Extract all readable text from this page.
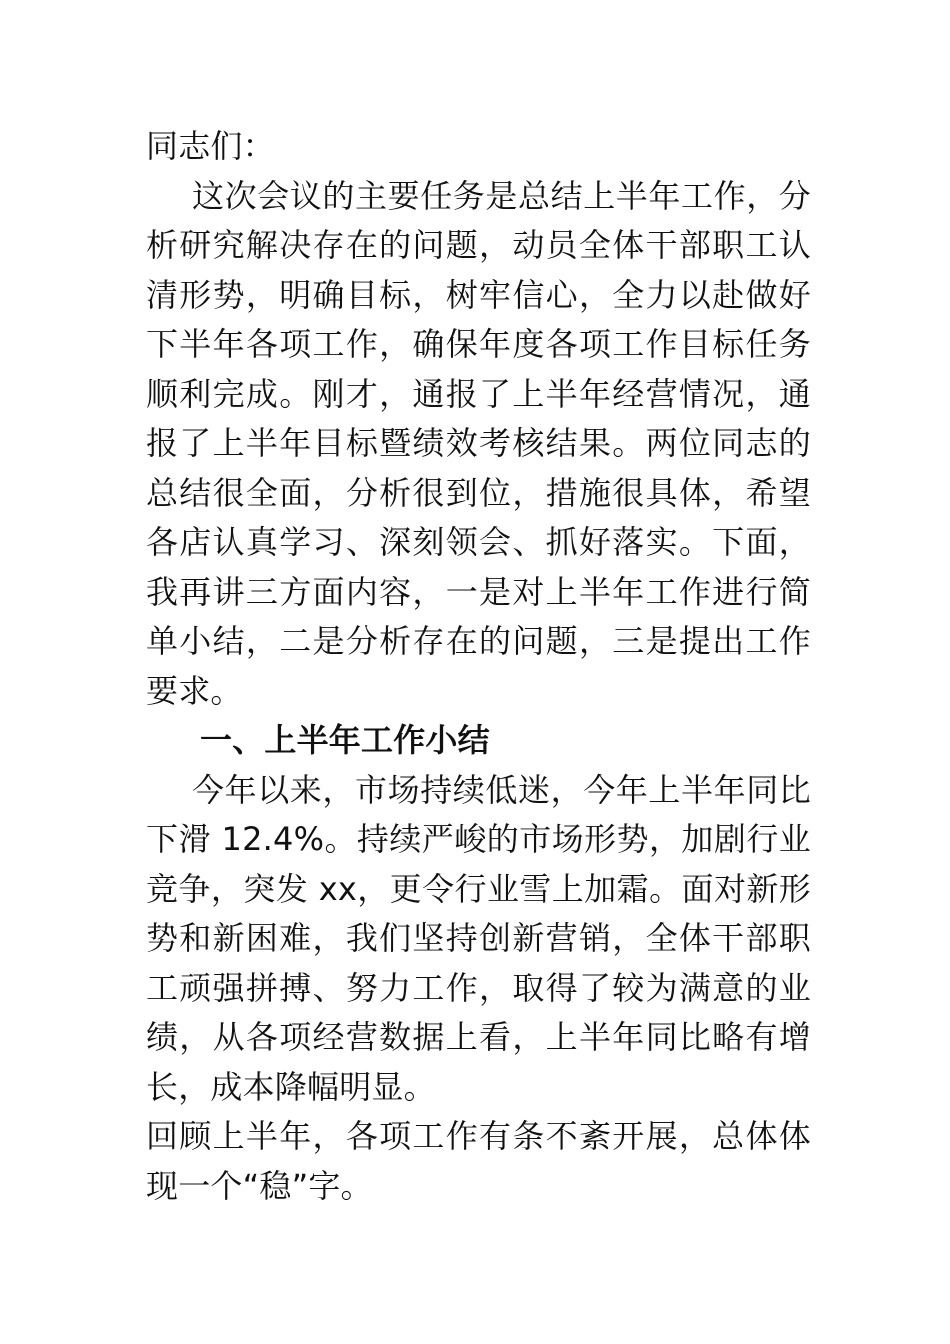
同志们：

这次会议的主要任务是总结上半年工作，分析研究解决存在的问题，动员全体干部职工认清形势，明确目标，树牢信心，全力以赴做好下半年各项工作，确保年度各项工作目标任务顺利完成。刚才，通报了上半年经营情况，通报了上半年目标暨绩效考核结果。两位同志的总结很全面，分析很到位，措施很具体，希望各店认真学习、深刻领会、抓好落实。下面，我再讲三方面内容，一是对上半年工作进行简单小结，二是分析存在的问题，三是提出工作要求。

一、上半年工作小结

今年以来，市场持续低迷，今年上半年同比下滑 12.4%。持续严峻的市场形势，加剧行业竞争，突发 xx，更令行业雪上加霜。面对新形势和新困难，我们坚持创新营销，全体干部职工顽强拼搏、努力工作，取得了较为满意的业绩，从各项经营数据上看，上半年同比略有增长，成本降幅明显。

回顾上半年，各项工作有条不紊开展，总体体现一个“稳”字。
